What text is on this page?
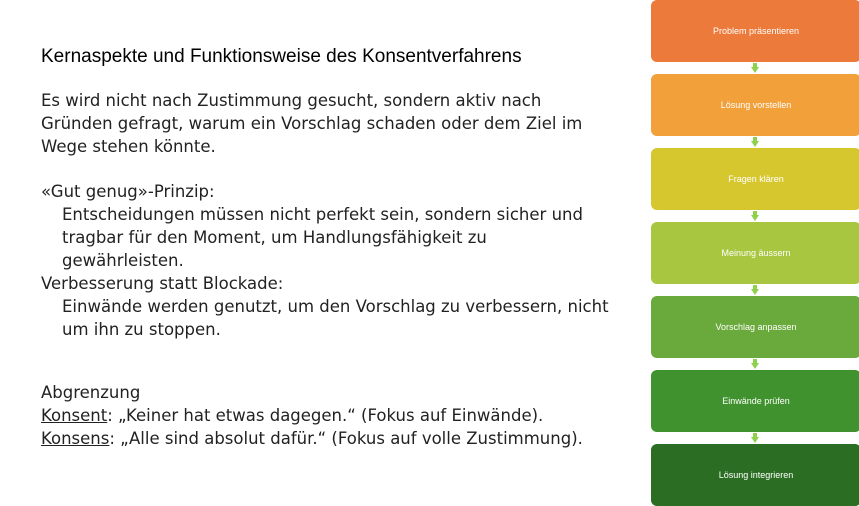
Kernaspekte und Funktionsweise des Konsentverfahrens
Es wird nicht nach Zustimmung gesucht, sondern aktiv nach
Gründen gefragt, warum ein Vorschlag schaden oder dem Ziel im
Wege stehen könnte.
«Gut genug»-Prinzip:
Entscheidungen müssen nicht perfekt sein, sondern sicher und
tragbar für den Moment, um Handlungsfähigkeit zu
gewährleisten.
Verbesserung statt Blockade:
Einwände werden genutzt, um den Vorschlag zu verbessern, nicht
um ihn zu stoppen.
Abgrenzung
Konsent: „Keiner hat etwas dagegen.“ (Fokus auf Einwände).
Konsens: „Alle sind absolut dafür.“ (Fokus auf volle Zustimmung).
Problem präsentieren
Lösung vorstellen
Fragen klären
Meinung äussern
Vorschlag anpassen
Einwände prüfen
Lösung integrieren
